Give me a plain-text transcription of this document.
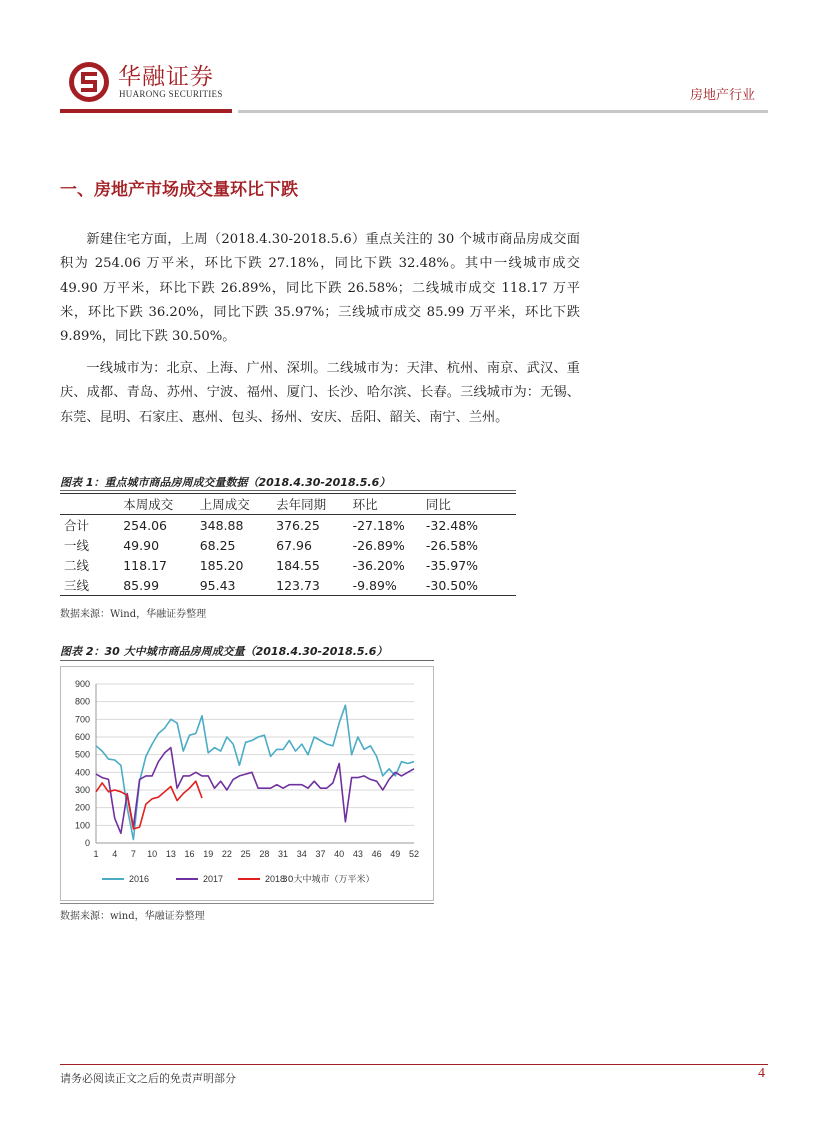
华融证券
HUARONG SECURITIES	房地产行业
一、房地产市场成交量环比下跌

新建住宅方面，上周（2018.4.30-2018.5.6）重点关注的 30 个城市商品房成交面积为 254.06 万平米，环比下跌 27.18%，同比下跌 32.48%。其中一线城市成交 49.90 万平米，环比下跌 26.89%，同比下跌 26.58%；二线城市成交 118.17 万平米，环比下跌 36.20%，同比下跌 35.97%；三线城市成交 85.99 万平米，环比下跌 9.89%，同比下跌 30.50%。

一线城市为：北京、上海、广州、深圳。二线城市为：天津、杭州、南京、武汉、重庆、成都、青岛、苏州、宁波、福州、厦门、长沙、哈尔滨、长春。三线城市为：无锡、东莞、昆明、石家庄、惠州、包头、扬州、安庆、岳阳、韶关、南宁、兰州。

图表 1：重点城市商品房周成交量数据（2018.4.30-2018.5.6）
	本周成交	上周成交	去年同期	环比	同比
合计	254.06	348.88	376.25	-27.18%	-32.48%
一线	49.90	68.25	67.96	-26.89%	-26.58%
二线	118.17	185.20	184.55	-36.20%	-35.97%
三线	85.99	95.43	123.73	-9.89%	-30.50%
数据来源：Wind，华融证券整理
图表 2：30 大中城市商品房周成交量（2018.4.30-2018.5.6）
0
100
200
300
400
500
600
700
800
900
1 4 7 10 13 16 19 22 25 28 31 34 37 40 43 46 49 52
2016	2017	2018
30大中城市（万平米）
数据来源：wind，华融证券整理
请务必阅读正文之后的免责声明部分	4
